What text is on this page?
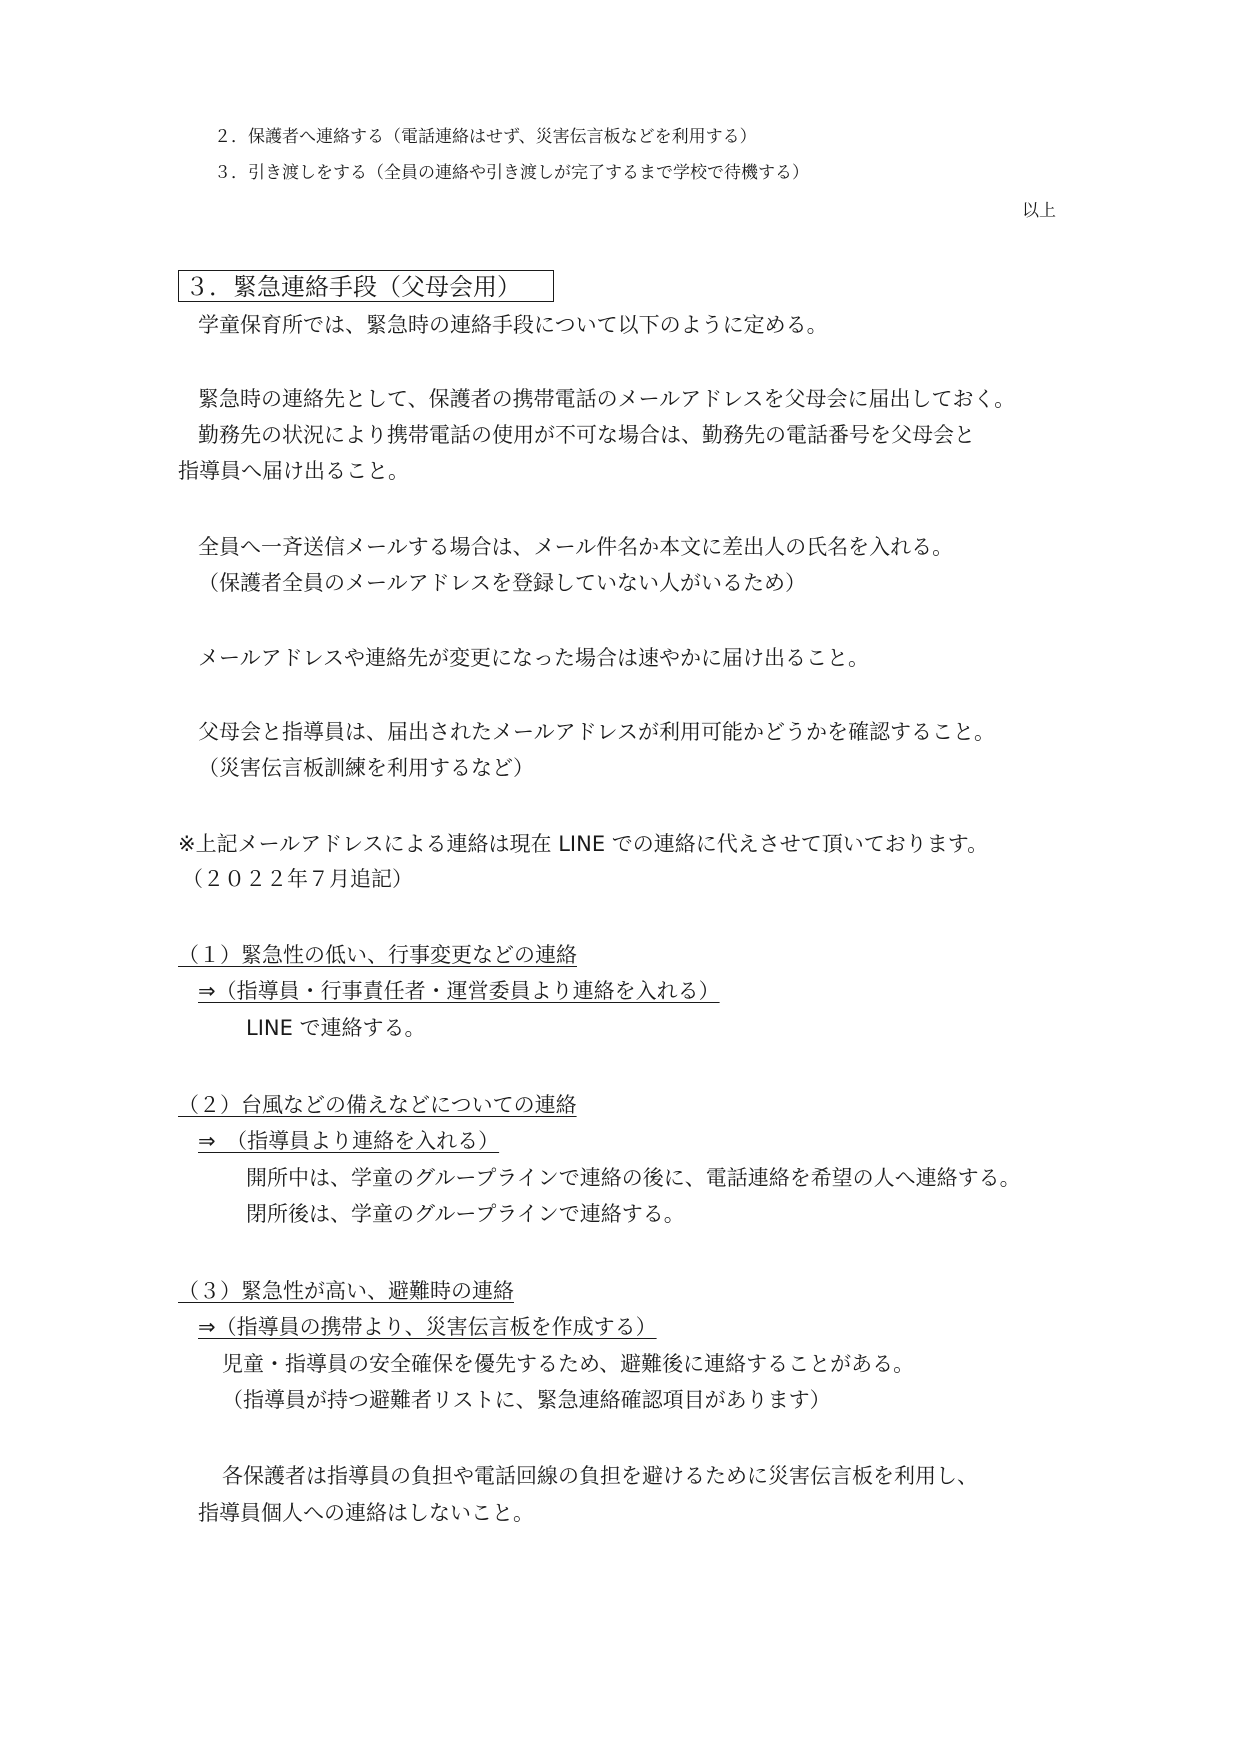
２．保護者へ連絡する（電話連絡はせず、災害伝言板などを利用する）
３．引き渡しをする（全員の連絡や引き渡しが完了するまで学校で待機する）
以上
３．緊急連絡手段（父母会用）
学童保育所では、緊急時の連絡手段について以下のように定める。
緊急時の連絡先として、保護者の携帯電話のメールアドレスを父母会に届出しておく。
勤務先の状況により携帯電話の使用が不可な場合は、勤務先の電話番号を父母会と
指導員へ届け出ること。
全員へ一斉送信メールする場合は、メール件名か本文に差出人の氏名を入れる。
（保護者全員のメールアドレスを登録していない人がいるため）
メールアドレスや連絡先が変更になった場合は速やかに届け出ること。
父母会と指導員は、届出されたメールアドレスが利用可能かどうかを確認すること。
（災害伝言板訓練を利用するなど）
※上記メールアドレスによる連絡は現在 LINE での連絡に代えさせて頂いております。
（２０２２年７月追記）
（１）緊急性の低い、行事変更などの連絡
⇒（指導員・行事責任者・運営委員より連絡を入れる）
LINE で連絡する。
（２）台風などの備えなどについての連絡
⇒　（指導員より連絡を入れる）
開所中は、学童のグループラインで連絡の後に、電話連絡を希望の人へ連絡する。
閉所後は、学童のグループラインで連絡する。
（３）緊急性が高い、避難時の連絡
⇒（指導員の携帯より、災害伝言板を作成する）
児童・指導員の安全確保を優先するため、避難後に連絡することがある。
（指導員が持つ避難者リストに、緊急連絡確認項目があります）
各保護者は指導員の負担や電話回線の負担を避けるために災害伝言板を利用し、
指導員個人への連絡はしないこと。
